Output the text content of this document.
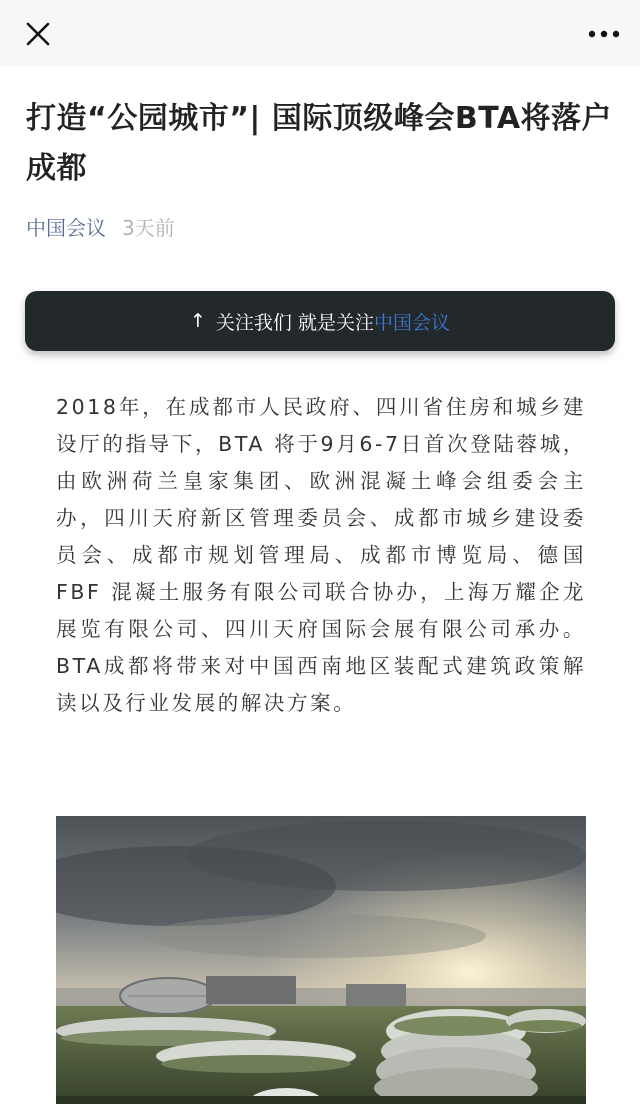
打造“公园城市”| 国际顶级峰会BTA将落户成都
中国会议 3天前
↑ 关注我们 就是关注 中国会议

2018年，在成都市人民政府、四川省住房和城乡建设厅的指导下，BTA 将于9月6-7日首次登陆蓉城，由欧洲荷兰皇家集团、欧洲混凝土峰会组委会主办，四川天府新区管理委员会、成都市城乡建设委员会、成都市规划管理局、成都市博览局、德国FBF 混凝土服务有限公司联合协办，上海万耀企龙展览有限公司、四川天府国际会展有限公司承办。BTA成都将带来对中国西南地区装配式建筑政策解读以及行业发展的解决方案。
